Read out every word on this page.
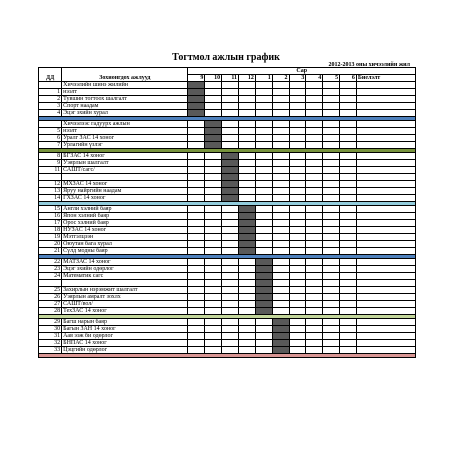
Тогтмол ажлын график
2012-2013 оны хичээлийн жил
ДД	Зохионгдох ажлууд	Сар										
		9	10	11	12	1	2	3	4	5	6	Биелэлт
	Хичээлийн шинэ жилийн											
1	нээлт											
2	Тувшин тогтоох шалгалт											
3	Спорт наадам											
4	Эцэг эхийн хурал											

	Хичээлээс гадуурх ажлын											
5	нээлт											
6	Уралг ЗАС 14 хоног											
7	Урлагийн үзлэг											

8	БГЗАС 14 хоног											
9	Уэярлын шалгалт											
11	САШТ/сагс/											

12	МХЗАС 14 хоног											
13	Яруу найргийн наадам											
14	ГХЗАС 14 хоног											

15	Англи хэлний баяр											
16	Япон хэлний баяр											
17	Орос хэлний баяр											
18	НУЗАС 14 хоног											
19	Мэтгэлцээн											
20	Оюутан бага хурал											
21	Сүлд модны баяр											

22	МАТЗАС 14 хоног											
23	Эцэг эхийн одөрлог											
24	Математик сагс											

25	Захирлын нэрэмжит шалгалт											
26	Уэярлын амралт зохлх											
27	САШТ/вол/											
28	ТехЗАС 14 хоног											

29	Багш нарын баяр											
30	Багын ЗАН 14 хоног											
31	Аав ээж би одөрлог											
32	БНПАС 14 хоног											
33	Цэцгийн одөрлог											
